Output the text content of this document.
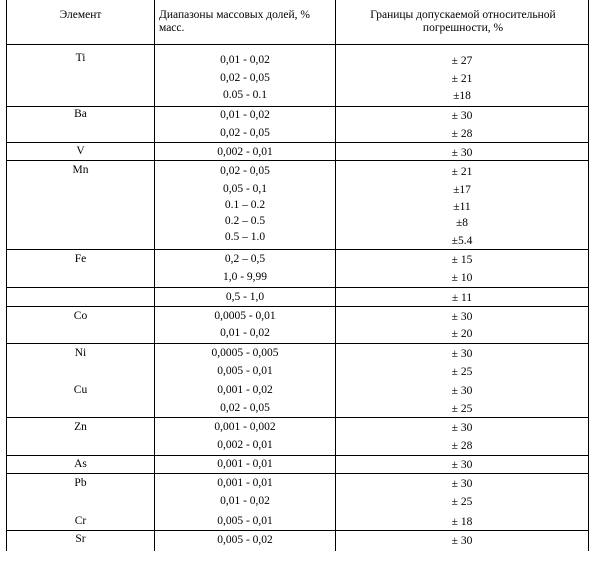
Элемент	Диапазоны массовых долей, % масс.
Границы допускаемой относительной погрешности, %
Ti
Ba
V
Mn
Fe
Co
Ni
Cu
Zn
As
Pb
Cr
Sr
0,01 - 0,02
0,02 - 0,05
0.05 - 0.1
0,01 - 0,02
0,02 - 0,05
0,002 - 0,01
0,02 - 0,05
0,05 - 0,1
0.1 – 0.2
0.2 – 0.5
0.5 – 1.0
0,2 – 0,5
1,0 - 9,99
0,5 - 1,0
0,0005 - 0,01
0,01 - 0,02
0,0005 - 0,005
0,005 - 0,01
0,001 - 0,02
0,02 - 0,05
0,001 - 0,002
0,002 - 0,01
0,001 - 0,01
0,001 - 0,01
0,01 - 0,02
0,005 - 0,01
0,005 - 0,02
± 27
± 21
±18
± 30
± 28
± 30
± 21
±17
±11
±8
±5.4
± 15
± 10
± 11
± 30
± 20
± 30
± 25
± 30
± 25
± 30
± 28
± 30
± 30
± 25
± 18
± 30
